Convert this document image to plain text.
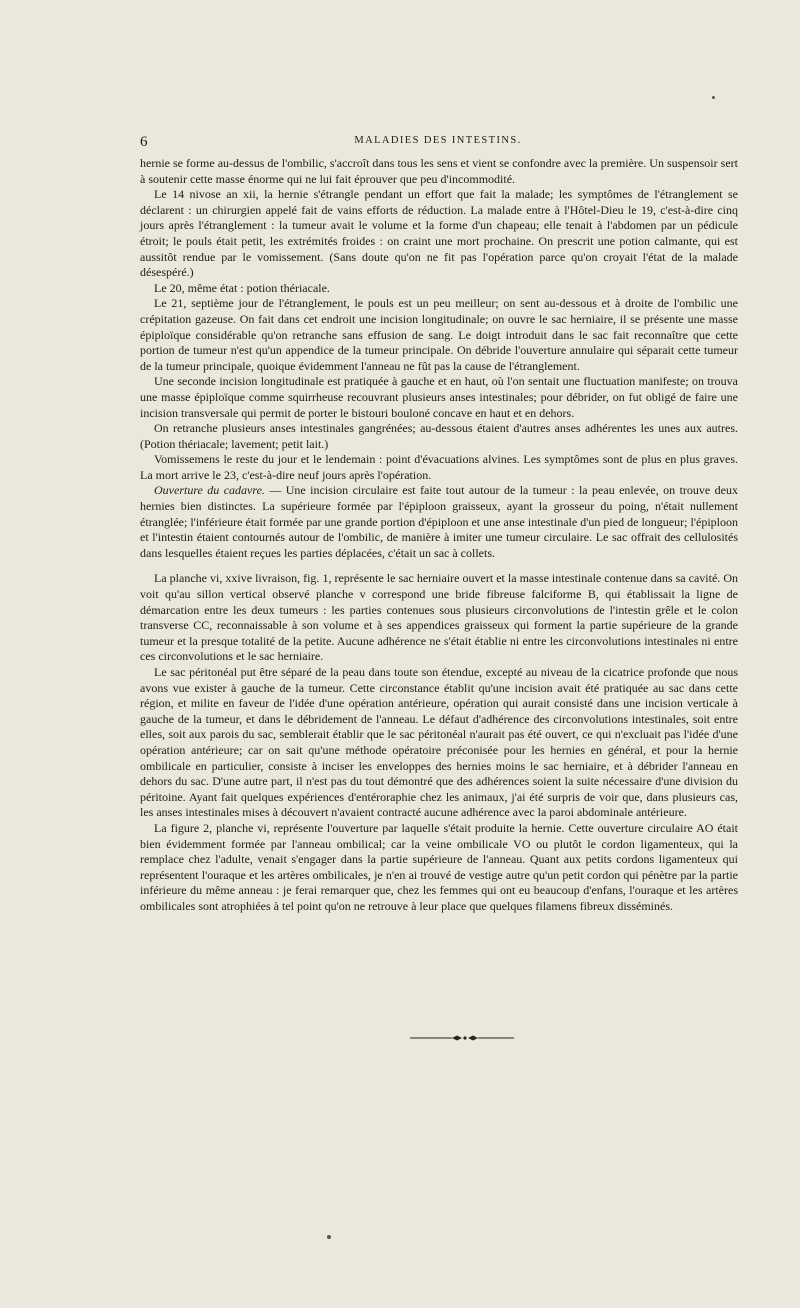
6	MALADIES DES INTESTINS.

hernie se forme au-dessus de l'ombilic, s'accroît dans tous les sens et vient se confondre avec la première. Un suspensoir sert à soutenir cette masse énorme qui ne lui fait éprouver que peu d'incommodité.

Le 14 nivose an xii, la hernie s'étrangle pendant un effort que fait la malade; les symptômes de l'étranglement se déclarent : un chirurgien appelé fait de vains efforts de réduction. La malade entre à l'Hôtel-Dieu le 19, c'est-à-dire cinq jours après l'étranglement : la tumeur avait le volume et la forme d'un chapeau; elle tenait à l'abdomen par un pédicule étroit; le pouls était petit, les extrémités froides : on craint une mort prochaine. On prescrit une potion calmante, qui est aussitôt rendue par le vomissement. (Sans doute qu'on ne fit pas l'opération parce qu'on croyait l'état de la malade désespéré.)

Le 20, même état : potion thériacale.

Le 21, septième jour de l'étranglement, le pouls est un peu meilleur; on sent au-dessous et à droite de l'ombilic une crépitation gazeuse. On fait dans cet endroit une incision longitudinale; on ouvre le sac herniaire, il se présente une masse épiploïque considérable qu'on retranche sans effusion de sang. Le doigt introduit dans le sac fait reconnaître que cette portion de tumeur n'est qu'un appendice de la tumeur principale. On débride l'ouverture annulaire qui séparait cette tumeur de la tumeur principale, quoique évidemment l'anneau ne fût pas la cause de l'étranglement.

Une seconde incision longitudinale est pratiquée à gauche et en haut, où l'on sentait une fluctuation manifeste; on trouva une masse épiploïque comme squirrheuse recouvrant plusieurs anses intestinales; pour débrider, on fut obligé de faire une incision transversale qui permit de porter le bistouri bouloné concave en haut et en dehors.

On retranche plusieurs anses intestinales gangrénées; au-dessous étaient d'autres anses adhérentes les unes aux autres. (Potion thériacale; lavement; petit lait.)

Vomissemens le reste du jour et le lendemain : point d'évacuations alvines. Les symptômes sont de plus en plus graves. La mort arrive le 23, c'est-à-dire neuf jours après l'opération.

Ouverture du cadavre. — Une incision circulaire est faite tout autour de la tumeur : la peau enlevée, on trouve deux hernies bien distinctes. La supérieure formée par l'épiploon graisseux, ayant la grosseur du poing, n'était nullement étranglée; l'inférieure était formée par une grande portion d'épiploon et une anse intestinale d'un pied de longueur; l'épiploon et l'intestin étaient contournés autour de l'ombilic, de manière à imiter une tumeur circulaire. Le sac offrait des cellulosités dans lesquelles étaient reçues les parties déplacées, c'était un sac à collets.

La planche vi, xxive livraison, fig. 1, représente le sac herniaire ouvert et la masse intestinale contenue dans sa cavité. On voit qu'au sillon vertical observé planche v correspond une bride fibreuse falciforme B, qui établissait la ligne de démarcation entre les deux tumeurs : les parties contenues sous plusieurs circonvolutions de l'intestin grêle et le colon transverse CC, reconnaissable à son volume et à ses appendices graisseux qui forment la partie supérieure de la grande tumeur et la presque totalité de la petite. Aucune adhérence ne s'était établie ni entre les circonvolutions intestinales ni entre ces circonvolutions et le sac herniaire.

Le sac péritonéal put être séparé de la peau dans toute son étendue, excepté au niveau de la cicatrice profonde que nous avons vue exister à gauche de la tumeur. Cette circonstance établit qu'une incision avait été pratiquée au sac dans cette région, et milite en faveur de l'idée d'une opération antérieure, opération qui aurait consisté dans une incision verticale à gauche de la tumeur, et dans le débridement de l'anneau. Le défaut d'adhérence des circonvolutions intestinales, soit entre elles, soit aux parois du sac, semblerait établir que le sac péritonéal n'aurait pas été ouvert, ce qui n'excluait pas l'idée d'une opération antérieure; car on sait qu'une méthode opératoire préconisée pour les hernies en général, et pour la hernie ombilicale en particulier, consiste à inciser les enveloppes des hernies moins le sac herniaire, et à débrider l'anneau en dehors du sac. D'une autre part, il n'est pas du tout démontré que des adhérences soient la suite nécessaire d'une division du péritoine. Ayant fait quelques expériences d'entéroraphie chez les animaux, j'ai été surpris de voir que, dans plusieurs cas, les anses intestinales mises à découvert n'avaient contracté aucune adhérence avec la paroi abdominale antérieure.

La figure 2, planche vi, représente l'ouverture par laquelle s'était produite la hernie. Cette ouverture circulaire AO était bien évidemment formée par l'anneau ombilical; car la veine ombilicale VO ou plutôt le cordon ligamenteux, qui la remplace chez l'adulte, venait s'engager dans la partie supérieure de l'anneau. Quant aux petits cordons ligamenteux qui représentent l'ouraque et les artères ombilicales, je n'en ai trouvé de vestige autre qu'un petit cordon qui pénètre par la partie inférieure du même anneau : je ferai remarquer que, chez les femmes qui ont eu beaucoup d'enfans, l'ouraque et les artères ombilicales sont atrophiées à tel point qu'on ne retrouve à leur place que quelques filamens fibreux disséminés.
